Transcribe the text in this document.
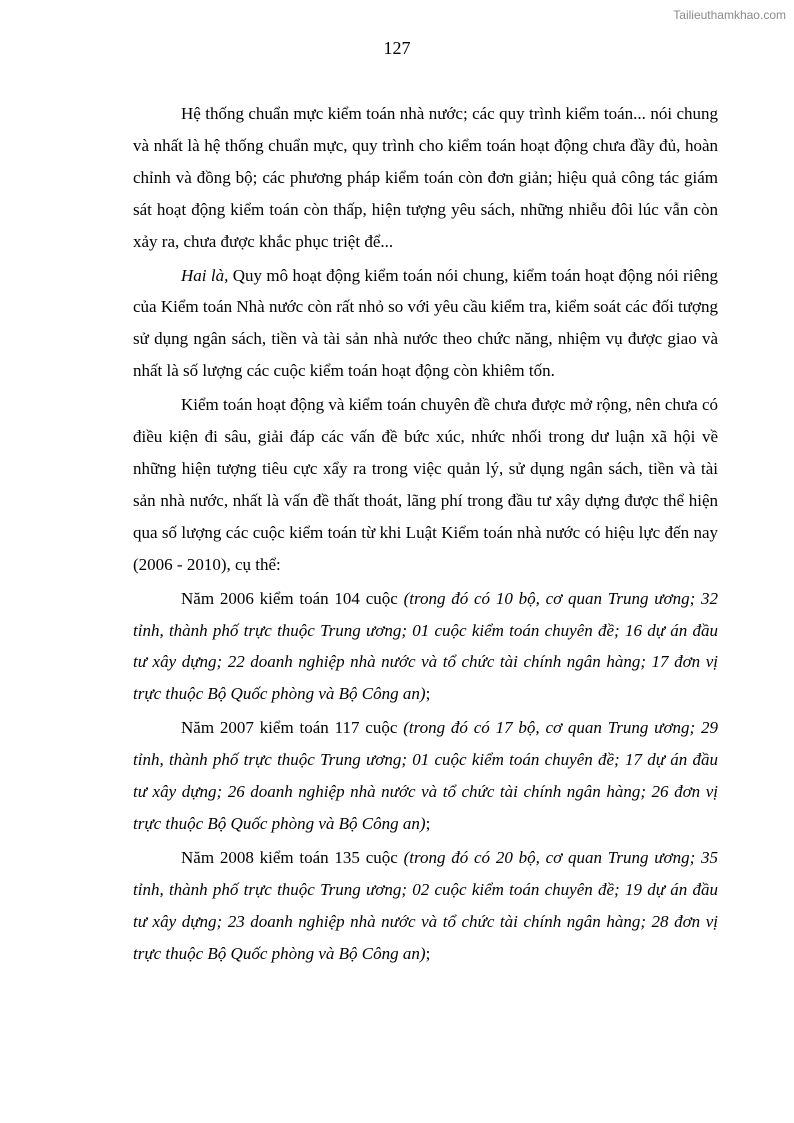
Tailieuthamkhao.com
127

Hệ thống chuẩn mực kiểm toán nhà nước; các quy trình kiểm toán... nói chung và nhất là hệ thống chuẩn mực, quy trình cho kiểm toán hoạt động chưa đầy đủ, hoàn chỉnh và đồng bộ; các phương pháp kiểm toán còn đơn giản; hiệu quả công tác giám sát hoạt động kiểm toán còn thấp, hiện tượng yêu sách, những nhiễu đôi lúc vẫn còn xảy ra, chưa được khắc phục triệt để...

Hai là, Quy mô hoạt động kiểm toán nói chung, kiểm toán hoạt động nói riêng của Kiểm toán Nhà nước còn rất nhỏ so với yêu cầu kiểm tra, kiểm soát các đối tượng sử dụng ngân sách, tiền và tài sản nhà nước theo chức năng, nhiệm vụ được giao và nhất là số lượng các cuộc kiểm toán hoạt động còn khiêm tốn.

Kiểm toán hoạt động và kiểm toán chuyên đề chưa được mở rộng, nên chưa có điều kiện đi sâu, giải đáp các vấn đề bức xúc, nhức nhối trong dư luận xã hội về những hiện tượng tiêu cực xẩy ra trong việc quản lý, sử dụng ngân sách, tiền và tài sản nhà nước, nhất là vấn đề thất thoát, lãng phí trong đầu tư xây dựng được thể hiện qua số lượng các cuộc kiểm toán từ khi Luật Kiểm toán nhà nước có hiệu lực đến nay (2006 - 2010), cụ thể:

Năm 2006 kiểm toán 104 cuộc (trong đó có 10 bộ, cơ quan Trung ương; 32 tỉnh, thành phố trực thuộc Trung ương; 01 cuộc kiểm toán chuyên đề; 16 dự án đầu tư xây dựng; 22 doanh nghiệp nhà nước và tổ chức tài chính ngân hàng; 17 đơn vị trực thuộc Bộ Quốc phòng và Bộ Công an);

Năm 2007 kiểm toán 117 cuộc (trong đó có 17 bộ, cơ quan Trung ương; 29 tỉnh, thành phố trực thuộc Trung ương; 01 cuộc kiểm toán chuyên đề; 17 dự án đầu tư xây dựng; 26 doanh nghiệp nhà nước và tổ chức tài chính ngân hàng; 26 đơn vị trực thuộc Bộ Quốc phòng và Bộ Công an);

Năm 2008 kiểm toán 135 cuộc (trong đó có 20 bộ, cơ quan Trung ương; 35 tỉnh, thành phố trực thuộc Trung ương; 02 cuộc kiểm toán chuyên đề; 19 dự án đầu tư xây dựng; 23 doanh nghiệp nhà nước và tổ chức tài chính ngân hàng; 28 đơn vị trực thuộc Bộ Quốc phòng và Bộ Công an);
